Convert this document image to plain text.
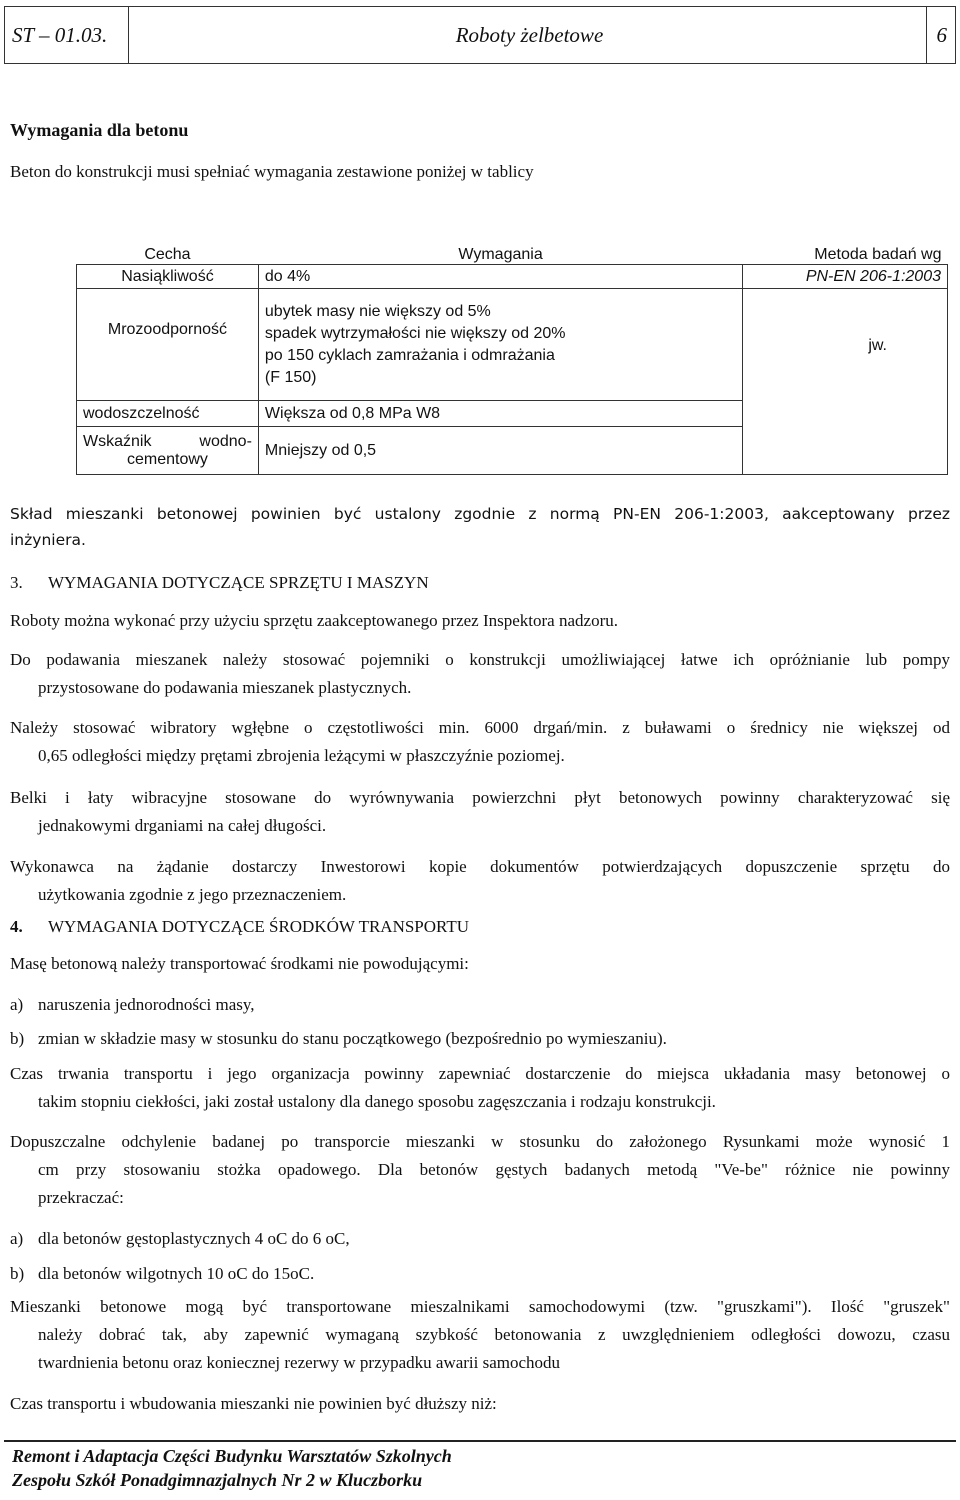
ST – 01.03.	Roboty żelbetowe	6
Wymagania dla betonu
Beton do konstrukcji musi spełniać wymagania zestawione poniżej w tablicy
Cecha	Wymagania	Metoda badań wg
Nasiąkliwość	do 4%	PN-EN 206-1:2003
Mrozoodporność	ubytek masy nie większy od 5%
spadek wytrzymałości nie większy od 20%
po 150 cyklach zamrażania i odmrażania
(F 150)	jw.
wodoszczelność	Większa od 0,8 MPa W8	

Wskaźnik wodno-
cementowy	Mniejszy od 0,5	
Skład mieszanki betonowej powinien być ustalony zgodnie z normą PN-EN 206-1:2003, aakceptowany przez
inżyniera.
3. WYMAGANIA DOTYCZĄCE SPRZĘTU I MASZYN
Roboty można wykonać przy użyciu sprzętu zaakceptowanego przez Inspektora nadzoru.
Do podawania mieszanek należy stosować pojemniki o konstrukcji umożliwiającej łatwe ich opróżnianie lub pompy
przystosowane do podawania mieszanek plastycznych.
Należy stosować wibratory wgłębne o częstotliwości min. 6000 drgań/min. z buławami o średnicy nie większej od
0,65 odległości między prętami zbrojenia leżącymi w płaszczyźnie poziomej.
Belki i łaty wibracyjne stosowane do wyrównywania powierzchni płyt betonowych powinny charakteryzować się
jednakowymi drganiami na całej długości.
Wykonawca na żądanie dostarczy Inwestorowi kopie dokumentów potwierdzających dopuszczenie sprzętu do
użytkowania zgodnie z jego przeznaczeniem.
4. WYMAGANIA DOTYCZĄCE ŚRODKÓW TRANSPORTU
Masę betonową należy transportować środkami nie powodującymi:
a) naruszenia jednorodności masy,
b) zmian w składzie masy w stosunku do stanu początkowego (bezpośrednio po wymieszaniu).
Czas trwania transportu i jego organizacja powinny zapewniać dostarczenie do miejsca układania masy betonowej o
takim stopniu ciekłości, jaki został ustalony dla danego sposobu zagęszczania i rodzaju konstrukcji.
Dopuszczalne odchylenie badanej po transporcie mieszanki w stosunku do założonego Rysunkami może wynosić 1
cm przy stosowaniu stożka opadowego. Dla betonów gęstych badanych metodą "Ve-be" różnice nie powinny
przekraczać:
a) dla betonów gęstoplastycznych 4 oC do 6 oC,
b) dla betonów wilgotnych 10 oC do 15oC.
Mieszanki betonowe mogą być transportowane mieszalnikami samochodowymi (tzw. "gruszkami"). Ilość "gruszek"
należy dobrać tak, aby zapewnić wymaganą szybkość betonowania z uwzględnieniem odległości dowozu, czasu
twardnienia betonu oraz koniecznej rezerwy w przypadku awarii samochodu
Czas transportu i wbudowania mieszanki nie powinien być dłuższy niż:
Remont i Adaptacja Części Budynku Warsztatów Szkolnych
Zespołu Szkół Ponadgimnazjalnych Nr 2 w Kluczborku
